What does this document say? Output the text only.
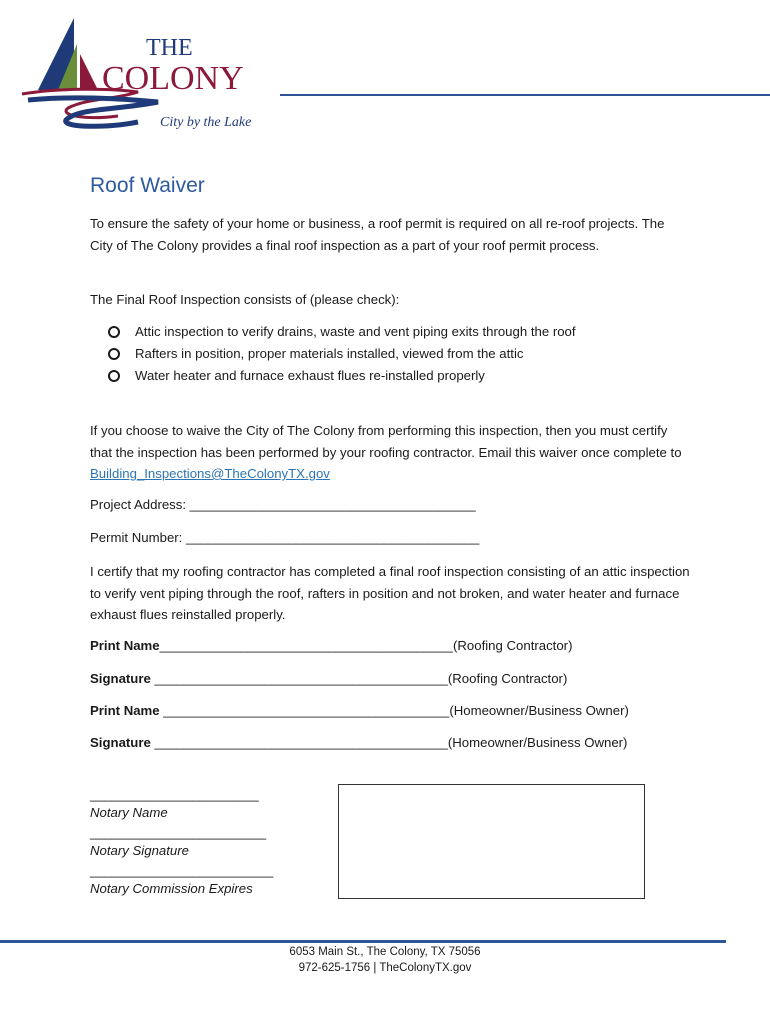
THE
COLONY
City by the Lake
Roof Waiver

To ensure the safety of your home or business, a roof permit is required on all re-roof projects. The City of The Colony provides a final roof inspection as a part of your roof permit process.

The Final Roof Inspection consists of (please check):

Attic inspection to verify drains, waste and vent piping exits through the roof
Rafters in position, proper materials installed, viewed from the attic
Water heater and furnace exhaust flues re-installed properly

If you choose to waive the City of The Colony from performing this inspection, then you must certify that the inspection has been performed by your roofing contractor. Email this waiver once complete to Building_Inspections@TheColonyTX.gov

Project Address: _______________________________________
Permit Number: ________________________________________

I certify that my roofing contractor has completed a final roof inspection consisting of an attic inspection to verify vent piping through the roof, rafters in position and not broken, and water heater and furnace exhaust flues reinstalled properly.

Print Name________________________________________(Roofing Contractor)
Signature ________________________________________(Roofing Contractor)
Print Name _______________________________________(Homeowner/Business Owner)
Signature ________________________________________(Homeowner/Business Owner)
_______________________
Notary Name
________________________
Notary Signature
_________________________
Notary Commission Expires
6053 Main St., The Colony, TX 75056
972-625-1756 | TheColonyTX.gov
